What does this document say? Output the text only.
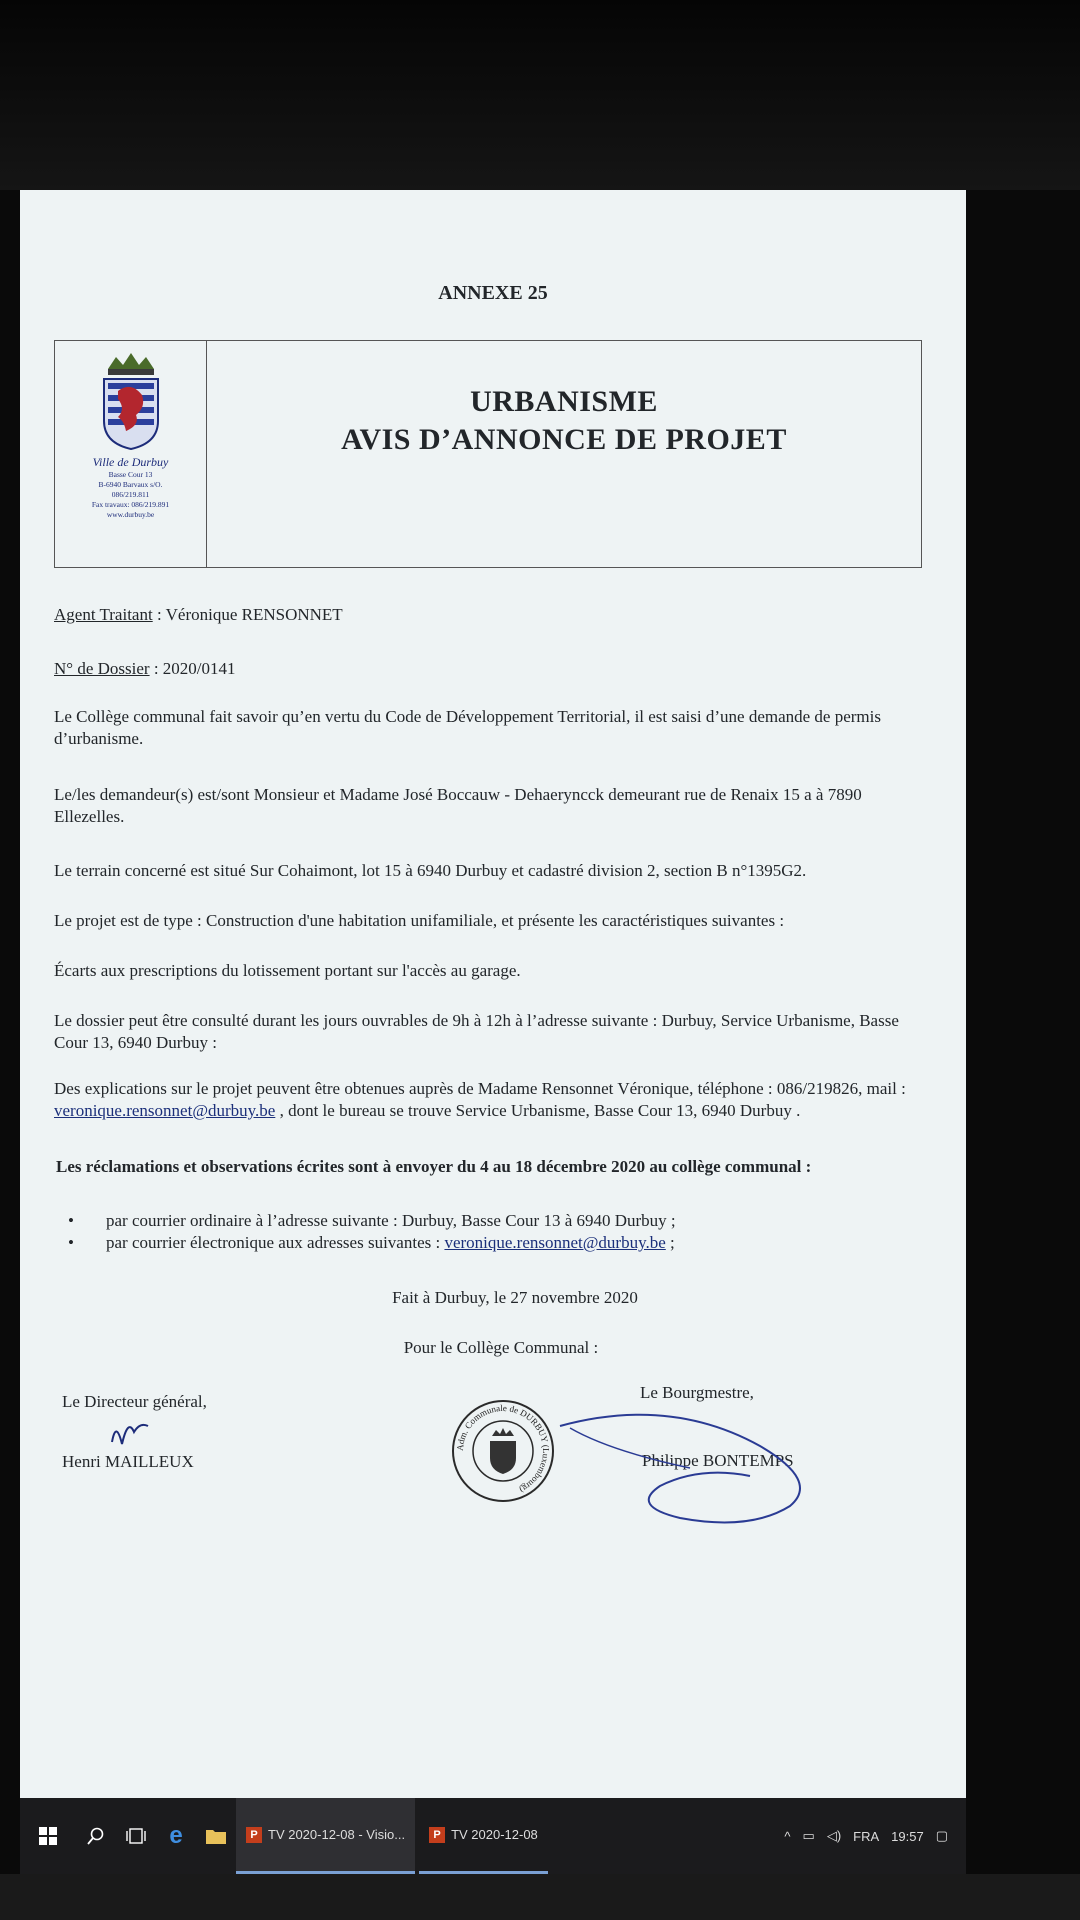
ANNEXE 25
Ville de Durbuy
Basse Cour 13
B-6940 Barvaux s/O.
086/219.811
Fax travaux: 086/219.891
www.durbuy.be
URBANISME
AVIS D’ANNONCE DE PROJET
Agent Traitant : Véronique RENSONNET
N° de Dossier : 2020/0141
Le Collège communal fait savoir qu’en vertu du Code de Développement Territorial, il est saisi d’une demande de permis d’urbanisme.
Le/les demandeur(s) est/sont Monsieur et Madame José Boccauw - Dehaeryncck demeurant rue de Renaix 15 a à 7890 Ellezelles.
Le terrain concerné est situé Sur Cohaimont, lot 15 à 6940 Durbuy et cadastré division 2, section B n°1395G2.
Le projet est de type : Construction d'une habitation unifamiliale, et présente les caractéristiques suivantes :
Écarts aux prescriptions du lotissement portant sur l'accès au garage.
Le dossier peut être consulté durant les jours ouvrables de 9h à 12h à l’adresse suivante : Durbuy, Service Urbanisme, Basse Cour 13, 6940 Durbuy :
Des explications sur le projet peuvent être obtenues auprès de Madame Rensonnet Véronique, téléphone : 086/219826, mail : veronique.rensonnet@durbuy.be , dont le bureau se trouve Service Urbanisme, Basse Cour 13, 6940 Durbuy .
Les réclamations et observations écrites sont à envoyer du 4 au 18 décembre 2020 au collège communal :
• par courrier ordinaire à l’adresse suivante : Durbuy, Basse Cour 13 à 6940 Durbuy ;
• par courrier électronique aux adresses suivantes : veronique.rensonnet@durbuy.be ;
Fait à Durbuy, le 27 novembre 2020
Pour le Collège Communal :
Le Directeur général,
Henri MAILLEUX
Adm. Communale de DURBUY (Luxembourg)
Le Bourgmestre,
Philippe BONTEMPS
e	P TV 2020-12-08 - Visio...	P TV 2020-12-08	^ ▭ ◁) FRA 19:57 ▢
